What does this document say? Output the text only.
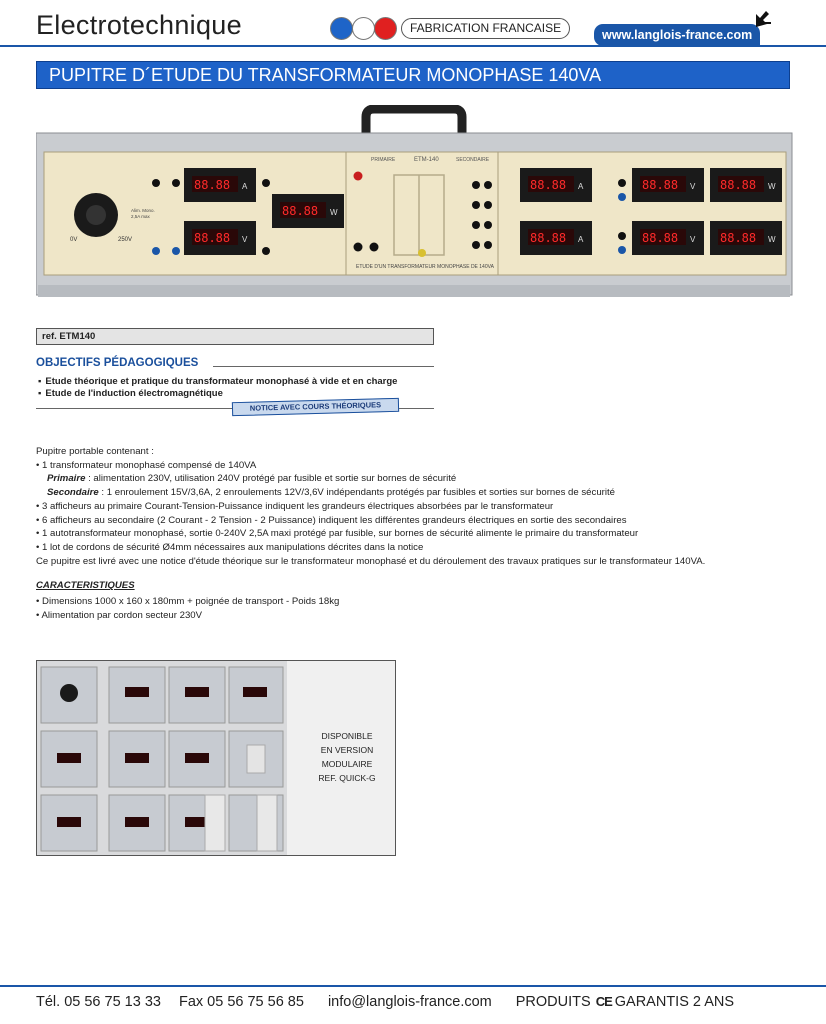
Electrotechnique	FABRICATION FRANCAISE	www.langlois-france.com
PUPITRE D´ETUDE DU TRANSFORMATEUR MONOPHASE 140VA
0V	250V
Alim. Mono.
2,5A max
88.88 A
88.88 V
88.88 W
PRIMAIRE	ETM-140	SECONDAIRE
ETUDE D'UN TRANSFORMATEUR MONOPHASE DE 140VA
88.88 A
88.88 A
88.88 V
88.88 V
88.88 W
88.88 W
ref. ETM140
OBJECTIFS PÉDAGOGIQUES
▪ Etude théorique et pratique du transformateur monophasé à vide et en charge
▪ Etude de l'induction électromagnétique
NOTICE AVEC COURS THÉORIQUES

Pupitre portable contenant :

• 1 transformateur monophasé compensé de 140VA

Primaire : alimentation 230V, utilisation 240V protégé par fusible et sortie sur bornes de sécurité

Secondaire : 1 enroulement 15V/3,6A, 2 enroulements 12V/3,6V indépendants protégés par fusibles et sorties sur bornes de sécurité

• 3 afficheurs au primaire Courant-Tension-Puissance indiquent les grandeurs électriques absorbées par le transformateur

• 6 afficheurs au secondaire (2 Courant - 2 Tension - 2 Puissance) indiquent les différentes grandeurs électriques en sortie des secondaires

• 1 autotransformateur monophasé, sortie 0-240V 2,5A maxi protégé par fusible, sur bornes de sécurité alimente le primaire du transformateur

• 1 lot de cordons de sécurité Ø4mm nécessaires aux manipulations décrites dans la notice

Ce pupitre est livré avec une notice d'étude théorique sur le transformateur monophasé et du déroulement des travaux pratiques sur le transformateur 140VA.

CARACTERISTIQUES

• Dimensions 1000 x 160 x 180mm + poignée de transport - Poids 18kg

• Alimentation par cordon secteur 230V

DISPONIBLE

EN VERSION

MODULAIRE

REF. QUICK-G

Tél. 05 56 75 13 33 Fax 05 56 75 56 85 info@langlois-france.com PRODUITS CE GARANTIS 2 ANS
